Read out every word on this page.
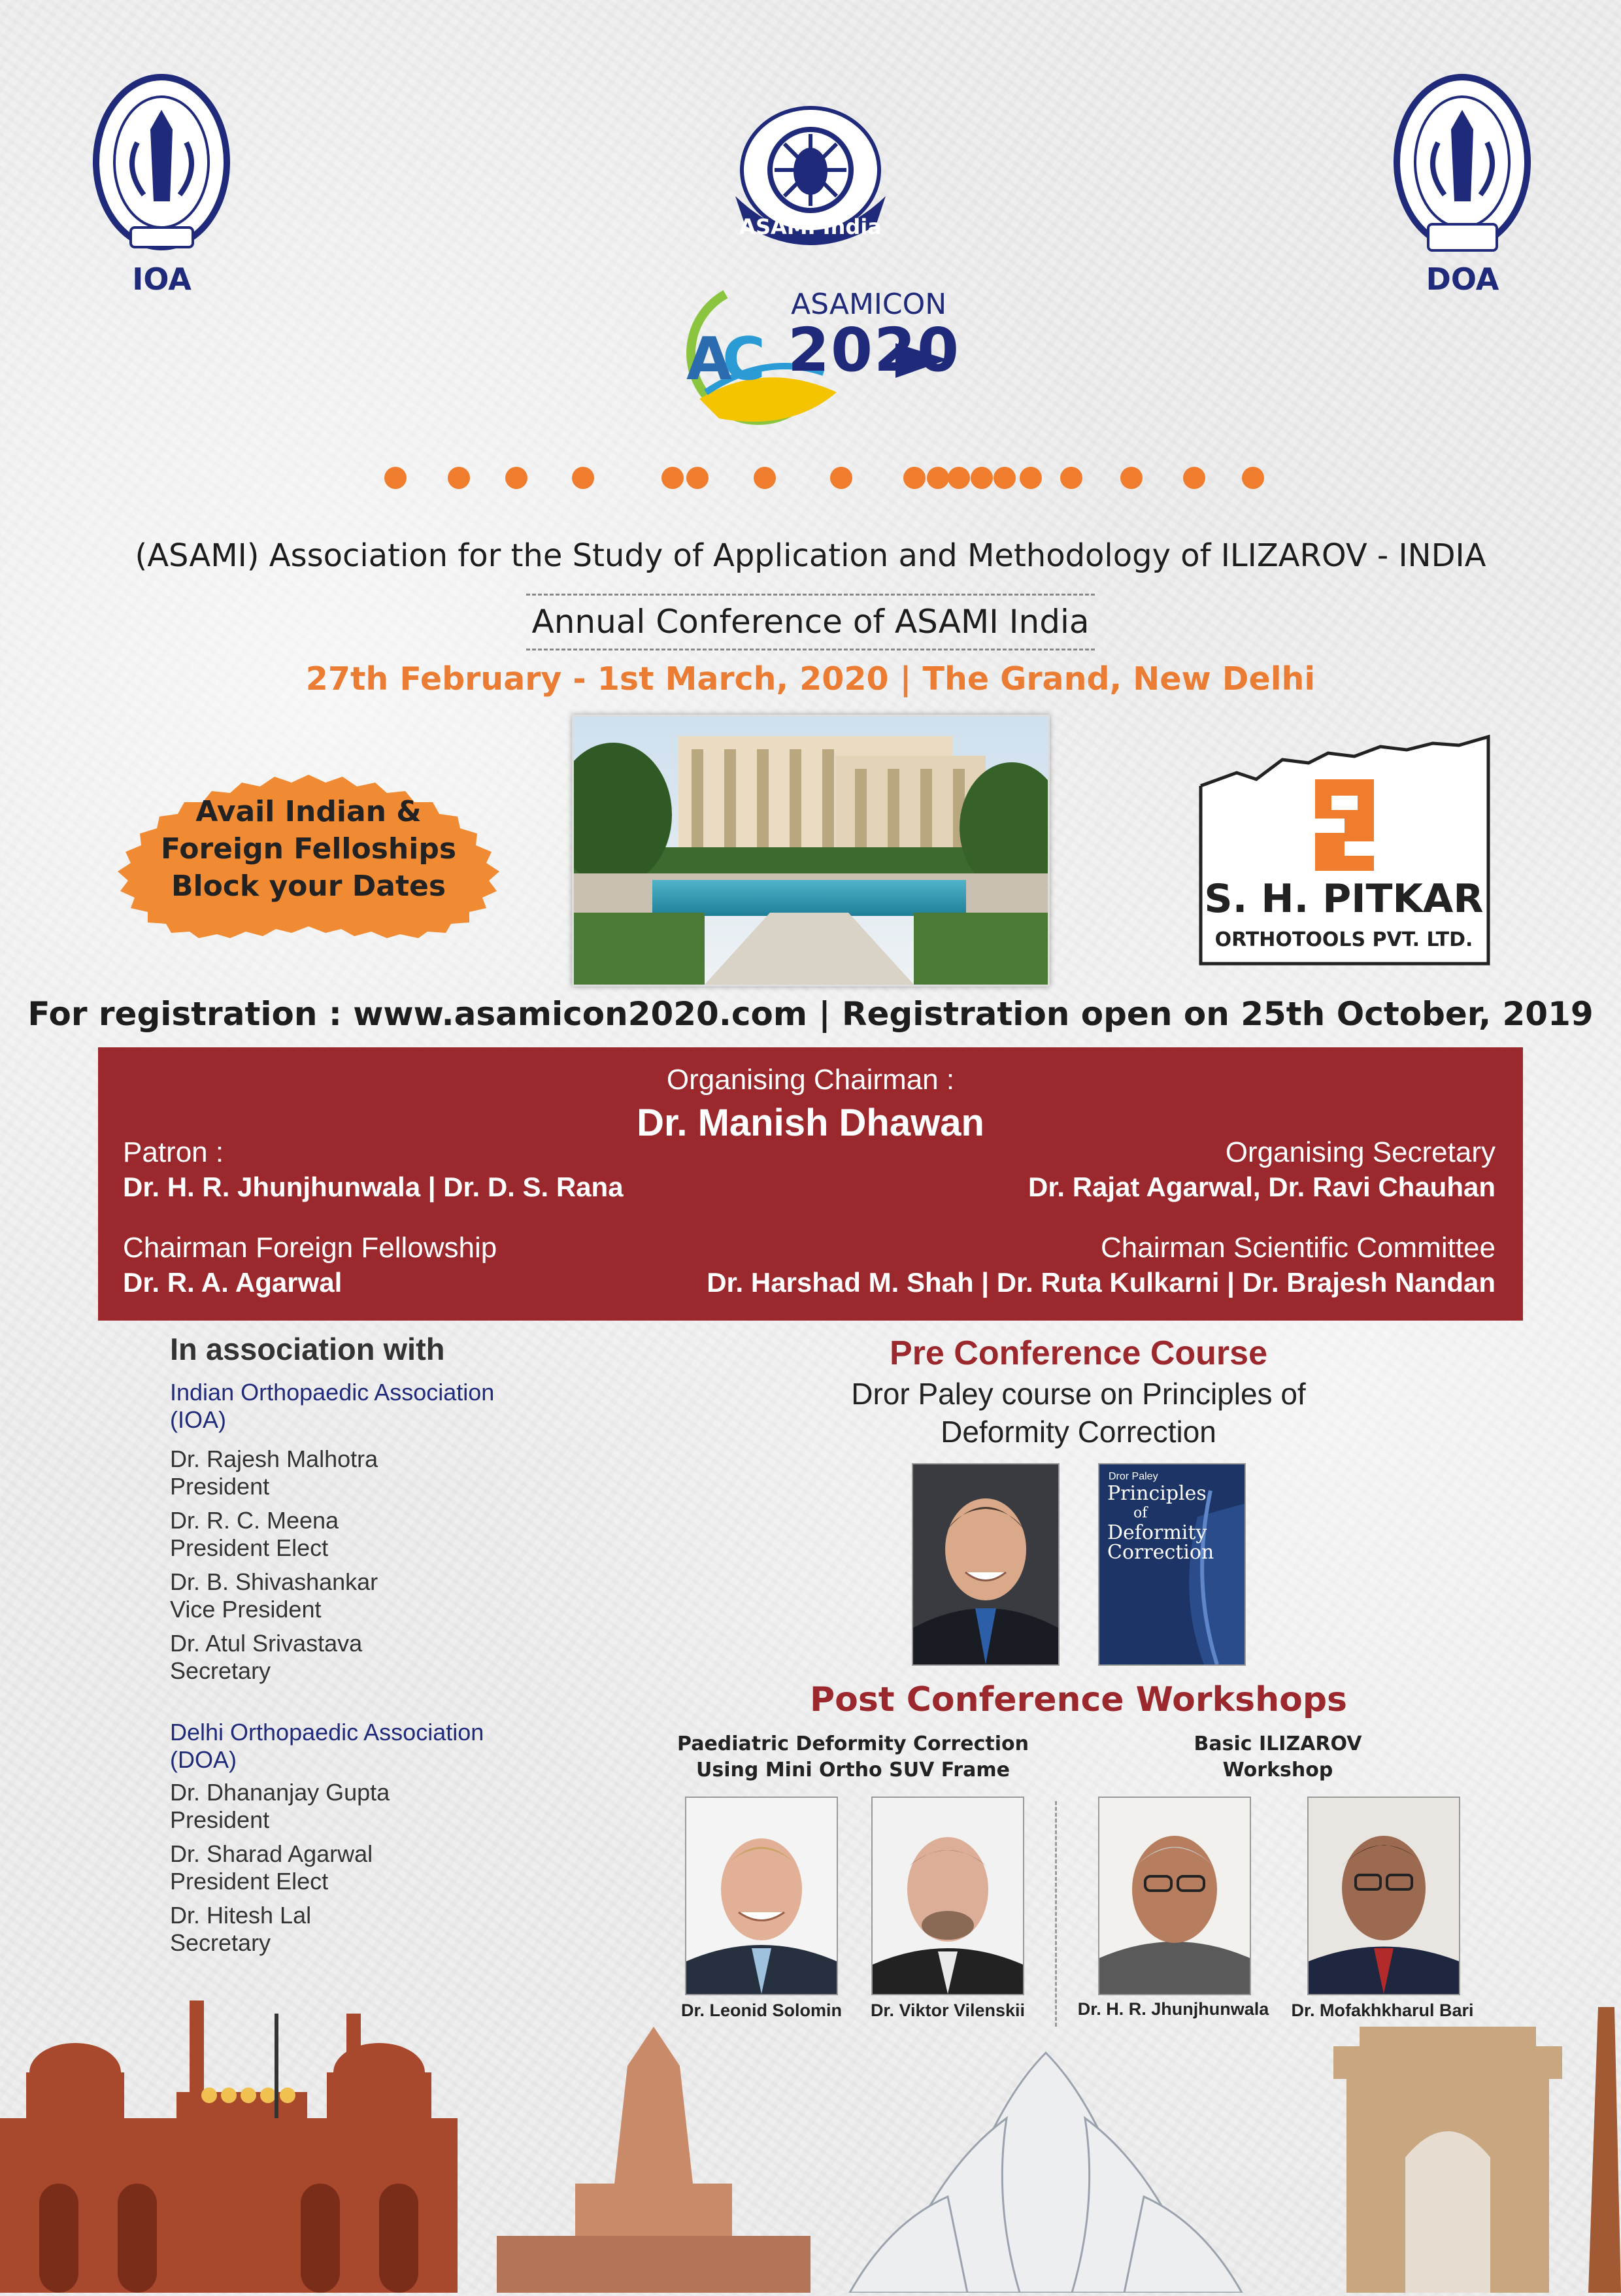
IOA
ASAMI India
DOA
A
C
ASAMICON
2020
(ASAMI) Association for the Study of Application and Methodology of ILIZAROV - INDIA
Annual Conference of ASAMI India
27th February - 1st March, 2020 | The Grand, New Delhi
Avail Indian &
Foreign Felloships
Block your Dates	S. H. PITKAR
ORTHOTOOLS PVT. LTD.
For registration : www.asamicon2020.com | Registration open on 25th October, 2019
Organising Chairman :
Dr. Manish Dhawan
Patron :
Dr. H. R. Jhunjhunwala | Dr. D. S. Rana
Organising Secretary
Dr. Rajat Agarwal, Dr. Ravi Chauhan
Chairman Foreign Fellowship
Dr. R. A. Agarwal
Chairman Scientific Committee
Dr. Harshad M. Shah | Dr. Ruta Kulkarni | Dr. Brajesh Nandan
In association with
Indian Orthopaedic Association
(IOA)
Dr. Rajesh Malhotra
President
Dr. R. C. Meena
President Elect
Dr. B. Shivashankar
Vice President
Dr. Atul Srivastava
Secretary
Delhi Orthopaedic Association
(DOA)
Dr. Dhananjay Gupta
President
Dr. Sharad Agarwal
President Elect
Dr. Hitesh Lal
Secretary
Pre Conference Course
Dror Paley course on Principles of
Deformity Correction
Dror Paley
Principles
of
Deformity
Correction
Post Conference Workshops
Paediatric Deformity Correction
Using Mini Ortho SUV Frame
Basic ILIZAROV
Workshop
Dr. Leonid Solomin	Dr. Viktor Vilenskii	Dr. H. R. Jhunjhunwala	Dr. Mofakhkharul Bari
